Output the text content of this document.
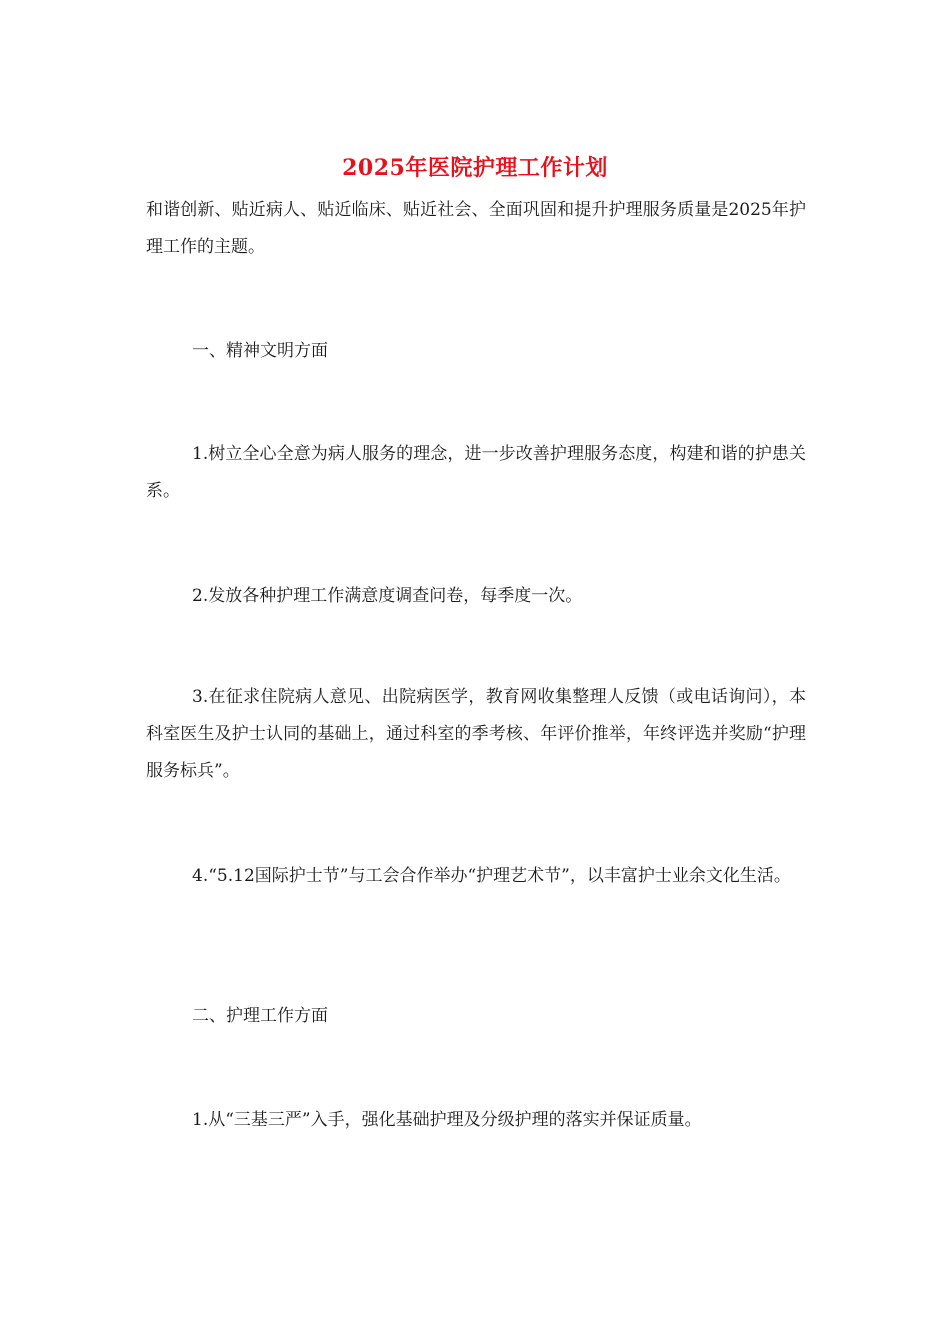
2025年医院护理工作计划

和谐创新、贴近病人、贴近临床、贴近社会、全面巩固和提升护理服务质量是2025年护理工作的主题。

一、精神文明方面

1.树立全心全意为病人服务的理念，进一步改善护理服务态度，构建和谐的护患关系。

2.发放各种护理工作满意度调查问卷，每季度一次。

3.在征求住院病人意见、出院病医学，教育网收集整理人反馈（或电话询问），本科室医生及护士认同的基础上，通过科室的季考核、年评价推举，年终评选并奖励“护理服务标兵”。

4.“5.12国际护士节”与工会合作举办“护理艺术节”，以丰富护士业余文化生活。

二、护理工作方面

1.从“三基三严”入手，强化基础护理及分级护理的落实并保证质量。
